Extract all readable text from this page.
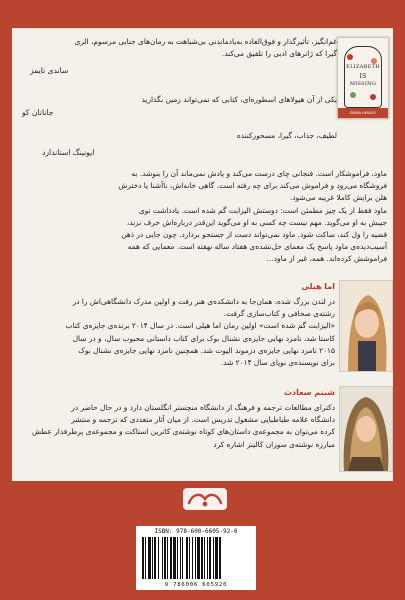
ELIZABETH
IS
MISSING
EMMA HEALEY
غم‌انگیز، تأثیرگذار و فوق‌العاده به‌یادماندنی بی‌شباهت به رمان‌های جنایی مرسوم، الری
گیرا که ژانرهای ادبی را تلفیق می‌کند.
ساندی تایمز
یکی از آن هیولاهای اسطوره‌ای، کتابی که نمی‌تواند زمین بگذارید
جاناتان کو
لطیف، جذاب، گیرا، مسحورکننده
ایونینگ استاندارد
ماود، فراموشکار است. فنجانی چای درست می‌کند و یادش نمی‌ماند آن را بنوشد. به
فروشگاه می‌رود و فراموش می‌کند برای چه رفته است. گاهی خانه‌اش، ناآشنا یا دخترش
هلن برایش کاملا غریبه می‌شود.
ماود فقط از یک چیز مطمئن است: دوستش الیزابت گم شده است. یادداشت توی
جیبش به او می‌گوید. مهم نیست چه کسی به او می‌گوید این‌قدر دربار‌ه‌اش حرف نزند،
قضیه را ول کند، ساکت شود. ماود نمی‌تواند دست از جستجو بردارد. چون جایی در ذهن
آسیب‌دیده‌ی ماود پاسخ یک معمای حل‌نشده‌ی هفتاد ساله نهفته است. معمایی که همه
فراموشش کرده‌اند. همه، غیر از ماود...
اما هیلی
در لندن بزرگ شده، همان‌جا به دانشکده‌ی هنر رفت و اولین مدرک دانشگاهی‌اش را در
رشته‌ی صحافی و کتاب‌سازی گرفت.
«الیزابت گم شده است» اولین رمان اما هیلی است. در سال ۲۰۱۴ برنده‌ی جایزه‌ی کتاب
کاستا شد، نامزد نهایی جایزه‌ی نشنال بوک برای کتاب داستانی محبوب سال، و در سال
۲۰۱۵ نامزد نهایی جایزه‌ی دزموند الیوت شد. همچنین نامزد نهایی جایزه‌ی نشنال بوک
برای نویسنده‌ی نوپای سال ۲۰۱۴ شد.
شبنم سعادت
دکترای مطالعات ترجمه و فرهنگ از دانشگاه منچستر انگلستان دارد و در حال حاضر در
دانشگاه علامه طباطبایی مشغول تدریس است. از میان آثار متعددی که ترجمه و منتشر
کرده می‌توان به مجموعه‌ی داستان‌های کوتاه نوشته‌ی کاترین استاکت و مجموعه‌ی پرطرفدار عطش
مبارزه نوشته‌ی سوزان کالینز اشاره کرد
ISBN: 978-600-6605-92-0
9 786006 605920
